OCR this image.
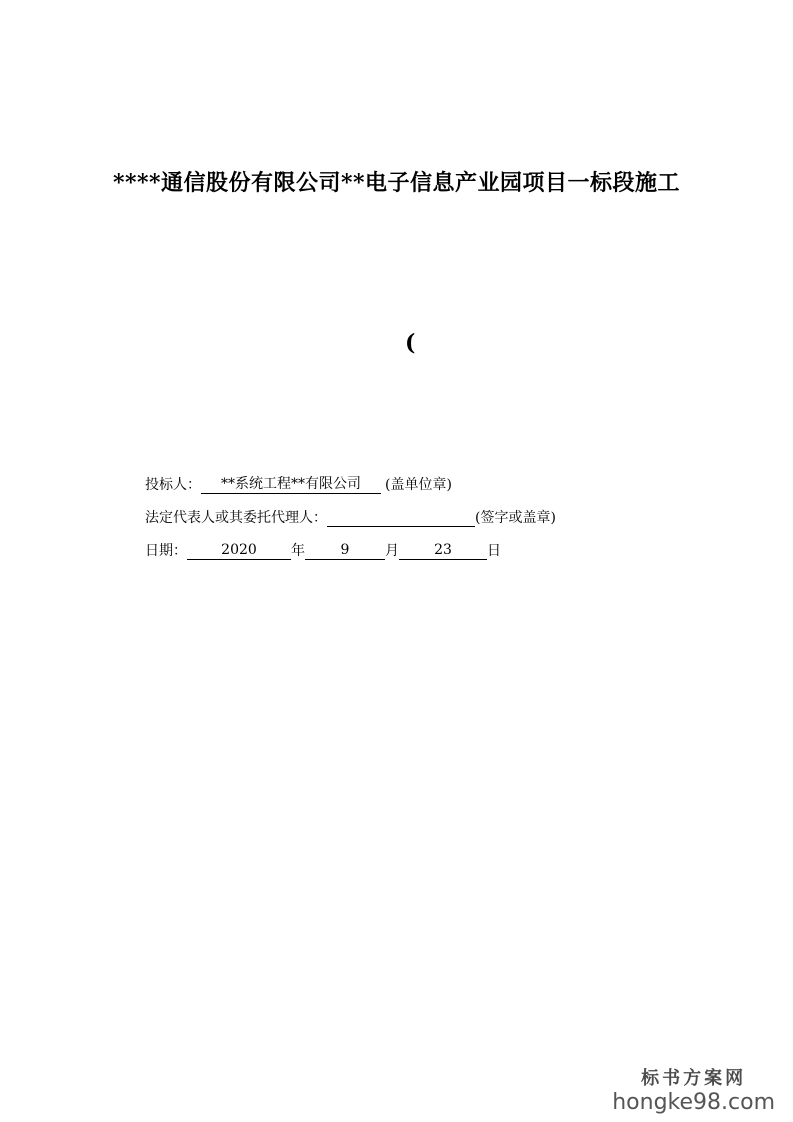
****通信股份有限公司**电子信息产业园项目一标段施工
(
投标人：	**系统工程**有限公司	(盖单位章)
法定代表人或其委托代理人：	(签字或盖章)
日期：	2020	年	9	月	23	日
标书方案网
hongke98.com
